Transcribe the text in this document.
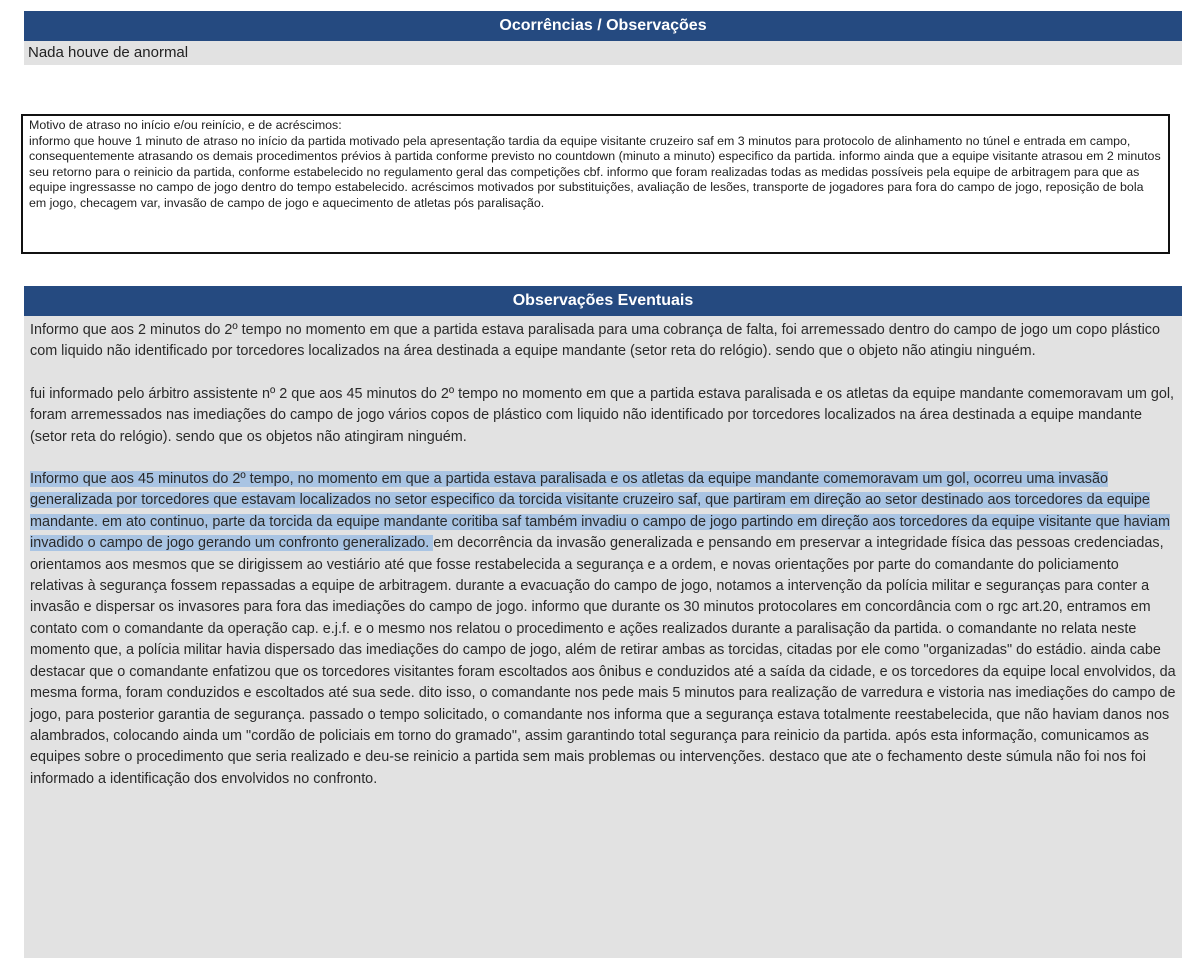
Ocorrências / Observações
Nada houve de anormal

Motivo de atraso no início e/ou reinício, e de acréscimos:

informo que houve 1 minuto de atraso no início da partida motivado pela apresentação tardia da equipe visitante cruzeiro saf em 3 minutos para protocolo de alinhamento no túnel e entrada em campo, consequentemente atrasando os demais procedimentos prévios à partida conforme previsto no countdown (minuto a minuto) especifico da partida. informo ainda que a equipe visitante atrasou em 2 minutos seu retorno para o reinicio da partida, conforme estabelecido no regulamento geral das competições cbf. informo que foram realizadas todas as medidas possíveis pela equipe de arbitragem para que as equipe ingressasse no campo de jogo dentro do tempo estabelecido. acréscimos motivados por substituições, avaliação de lesões, transporte de jogadores para fora do campo de jogo, reposição de bola em jogo, checagem var, invasão de campo de jogo e aquecimento de atletas pós paralisação.

Observações Eventuais

Informo que aos 2 minutos do 2º tempo no momento em que a partida estava paralisada para uma cobrança de falta, foi arremessado dentro do campo de jogo um copo plástico com liquido não identificado por torcedores localizados na área destinada a equipe mandante (setor reta do relógio). sendo que o objeto não atingiu ninguém.

fui informado pelo árbitro assistente nº 2 que aos 45 minutos do 2º tempo no momento em que a partida estava paralisada e os atletas da equipe mandante comemoravam um gol, foram arremessados nas imediações do campo de jogo vários copos de plástico com liquido não identificado por torcedores localizados na área destinada a equipe mandante (setor reta do relógio). sendo que os objetos não atingiram ninguém.

Informo que aos 45 minutos do 2º tempo, no momento em que a partida estava paralisada e os atletas da equipe mandante comemoravam um gol, ocorreu uma invasão generalizada por torcedores que estavam localizados no setor especifico da torcida visitante cruzeiro saf, que partiram em direção ao setor destinado aos torcedores da equipe mandante. em ato continuo, parte da torcida da equipe mandante coritiba saf também invadiu o campo de jogo partindo em direção aos torcedores da equipe visitante que haviam invadido o campo de jogo gerando um confronto generalizado. em decorrência da invasão generalizada e pensando em preservar a integridade física das pessoas credenciadas, orientamos aos mesmos que se dirigissem ao vestiário até que fosse restabelecida a segurança e a ordem, e novas orientações por parte do comandante do policiamento relativas à segurança fossem repassadas a equipe de arbitragem. durante a evacuação do campo de jogo, notamos a intervenção da polícia militar e seguranças para conter a invasão e dispersar os invasores para fora das imediações do campo de jogo. informo que durante os 30 minutos protocolares em concordância com o rgc art.20, entramos em contato com o comandante da operação cap. e.j.f. e o mesmo nos relatou o procedimento e ações realizados durante a paralisação da partida. o comandante no relata neste momento que, a polícia militar havia dispersado das imediações do campo de jogo, além de retirar ambas as torcidas, citadas por ele como "organizadas" do estádio. ainda cabe destacar que o comandante enfatizou que os torcedores visitantes foram escoltados aos ônibus e conduzidos até a saída da cidade, e os torcedores da equipe local envolvidos, da mesma forma, foram conduzidos e escoltados até sua sede. dito isso, o comandante nos pede mais 5 minutos para realização de varredura e vistoria nas imediações do campo de jogo, para posterior garantia de segurança. passado o tempo solicitado, o comandante nos informa que a segurança estava totalmente reestabelecida, que não haviam danos nos alambrados, colocando ainda um "cordão de policiais em torno do gramado", assim garantindo total segurança para reinicio da partida. após esta informação, comunicamos as equipes sobre o procedimento que seria realizado e deu-se reinicio a partida sem mais problemas ou intervenções. destaco que ate o fechamento deste súmula não foi nos foi informado a identificação dos envolvidos no confronto.
